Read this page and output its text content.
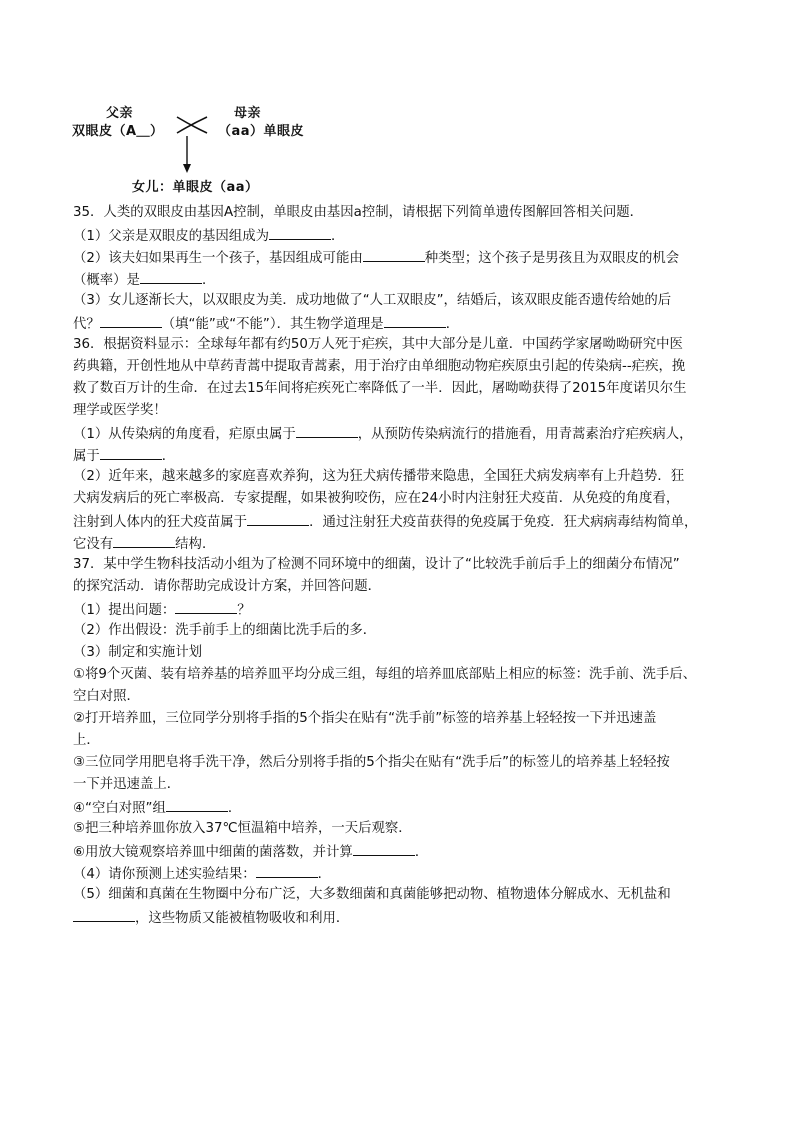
父亲
双眼皮（A＿）
母亲
（aa）单眼皮
女儿：单眼皮（aa）
35．人类的双眼皮由基因A控制，单眼皮由基因a控制，请根据下列简单遗传图解回答相关问题．
（1）父亲是双眼皮的基因组成为	．
（2）该夫妇如果再生一个孩子，基因组成可能由	种类型；这个孩子是男孩且为双眼皮的机会
（概率）是	．
（3）女儿逐渐长大，以双眼皮为美．成功地做了“人工双眼皮”，结婚后，该双眼皮能否遗传给她的后
代？	（填“能”或“不能”）．其生物学道理是	．
36．根据资料显示：全球每年都有约50万人死于疟疾，其中大部分是儿童．中国药学家屠呦呦研究中医
药典籍，开创性地从中草药青蒿中提取青蒿素，用于治疗由单细胞动物疟疾原虫引起的传染病--疟疾，挽
救了数百万计的生命．在过去15年间将疟疾死亡率降低了一半．因此，屠呦呦获得了2015年度诺贝尔生
理学或医学奖！
（1）从传染病的角度看，疟原虫属于	，从预防传染病流行的措施看，用青蒿素治疗疟疾病人，
属于	．
（2）近年来，越来越多的家庭喜欢养狗，这为狂犬病传播带来隐患，全国狂犬病发病率有上升趋势．狂
犬病发病后的死亡率极高．专家提醒，如果被狗咬伤，应在24小时内注射狂犬疫苗．从免疫的角度看，
注射到人体内的狂犬疫苗属于	．通过注射狂犬疫苗获得的免疫属于免疫．狂犬病病毒结构简单，
它没有	结构．
37．某中学生物科技活动小组为了检测不同环境中的细菌，设计了“比较洗手前后手上的细菌分布情况”
的探究活动．请你帮助完成设计方案，并回答问题．
（1）提出问题：	？
（2）作出假设：洗手前手上的细菌比洗手后的多．
（3）制定和实施计划
①将9个灭菌、装有培养基的培养皿平均分成三组，每组的培养皿底部贴上相应的标签：洗手前、洗手后、
空白对照．
②打开培养皿，三位同学分别将手指的5个指尖在贴有“洗手前”标签的培养基上轻轻按一下并迅速盖
上．
③三位同学用肥皂将手洗干净，然后分别将手指的5个指尖在贴有“洗手后”的标签儿的培养基上轻轻按
一下并迅速盖上．
④“空白对照”组	．
⑤把三种培养皿你放入37℃恒温箱中培养，一天后观察．
⑥用放大镜观察培养皿中细菌的菌落数，并计算	．
（4）请你预测上述实验结果：	．
（5）细菌和真菌在生物圈中分布广泛，大多数细菌和真菌能够把动物、植物遗体分解成水、无机盐和
，这些物质又能被植物吸收和利用．
